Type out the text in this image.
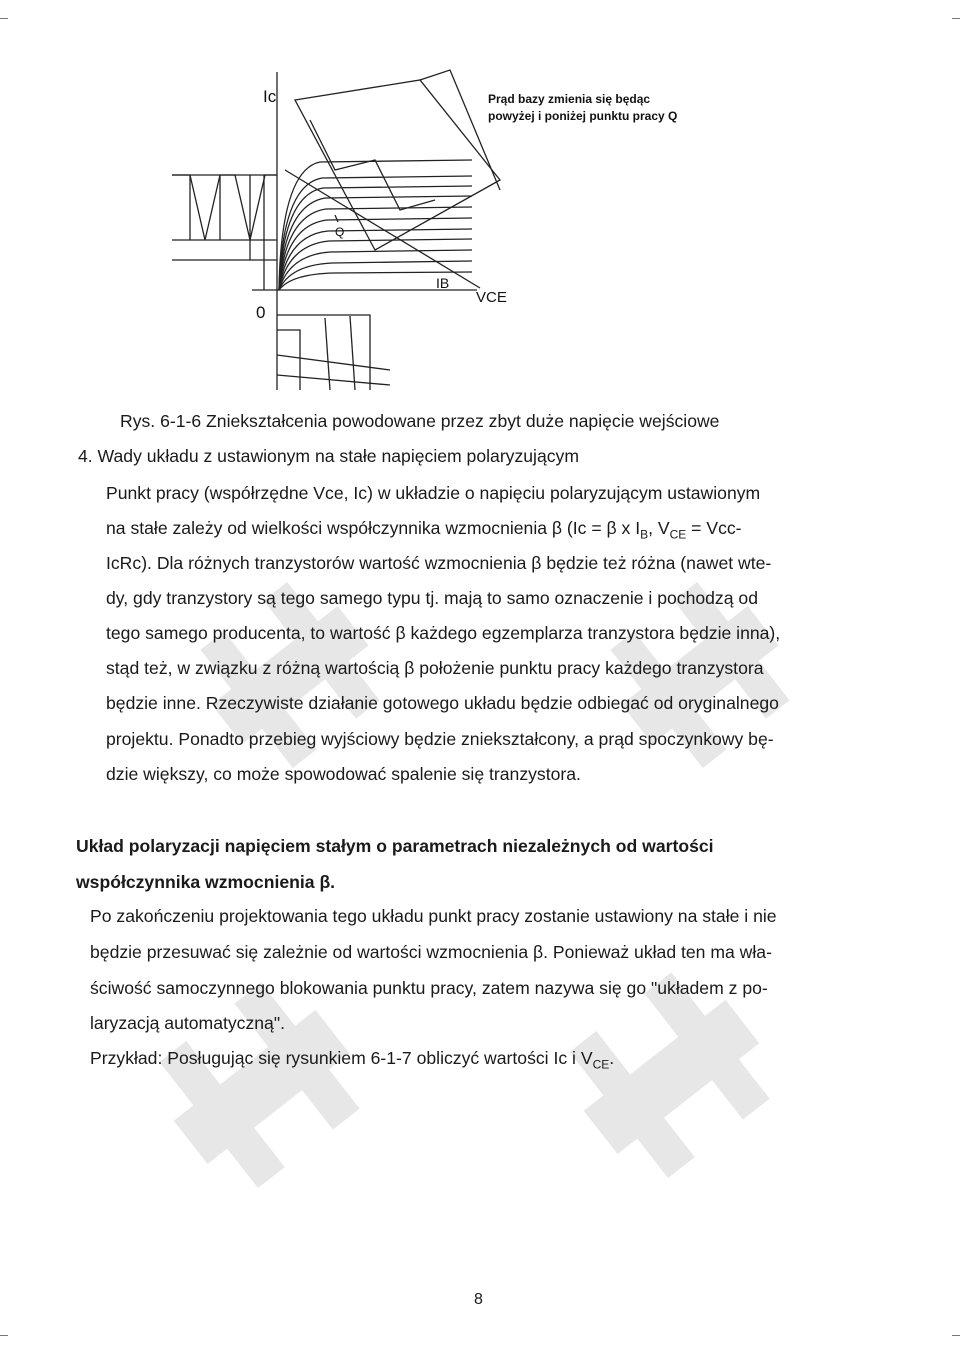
Ic
VCE
IB
0
Q
Prąd bazy zmienia się będąc
powyżej i poniżej punktu pracy Q
Rys. 6-1-6 Zniekształcenia powodowane przez zbyt duże napięcie wejściowe
4. Wady układu z ustawionym na stałe napięciem polaryzującym
Punkt pracy (współrzędne Vce, Ic) w układzie o napięciu polaryzującym ustawionym
na stałe zależy od wielkości współczynnika wzmocnienia β (Ic = β x $I_B$, $V_{CE} = Vcc-$
IcRc). Dla różnych tranzystorów wartość wzmocnienia β będzie też różna (nawet wte-
dy, gdy tranzystory są tego samego typu tj. mają to samo oznaczenie i pochodzą od
tego samego producenta, to wartość β każdego egzemplarza tranzystora będzie inna),
stąd też, w związku z różną wartością β położenie punktu pracy każdego tranzystora
będzie inne. Rzeczywiste działanie gotowego układu będzie odbiegać od oryginalnego
projektu. Ponadto przebieg wyjściowy będzie zniekształcony, a prąd spoczynkowy bę-
dzie większy, co może spowodować spalenie się tranzystora.
Układ polaryzacji napięciem stałym o parametrach niezależnych od wartości
współczynnika wzmocnienia β.
Po zakończeniu projektowania tego układu punkt pracy zostanie ustawiony na stałe i nie
będzie przesuwać się zależnie od wartości wzmocnienia β. Ponieważ układ ten ma wła-
ściwość samoczynnego blokowania punktu pracy, zatem nazywa się go "układem z po-
laryzacją automatyczną".
Przykład: Posługując się rysunkiem 6-1-7 obliczyć wartości Ic i $V_{CE}$.
8
